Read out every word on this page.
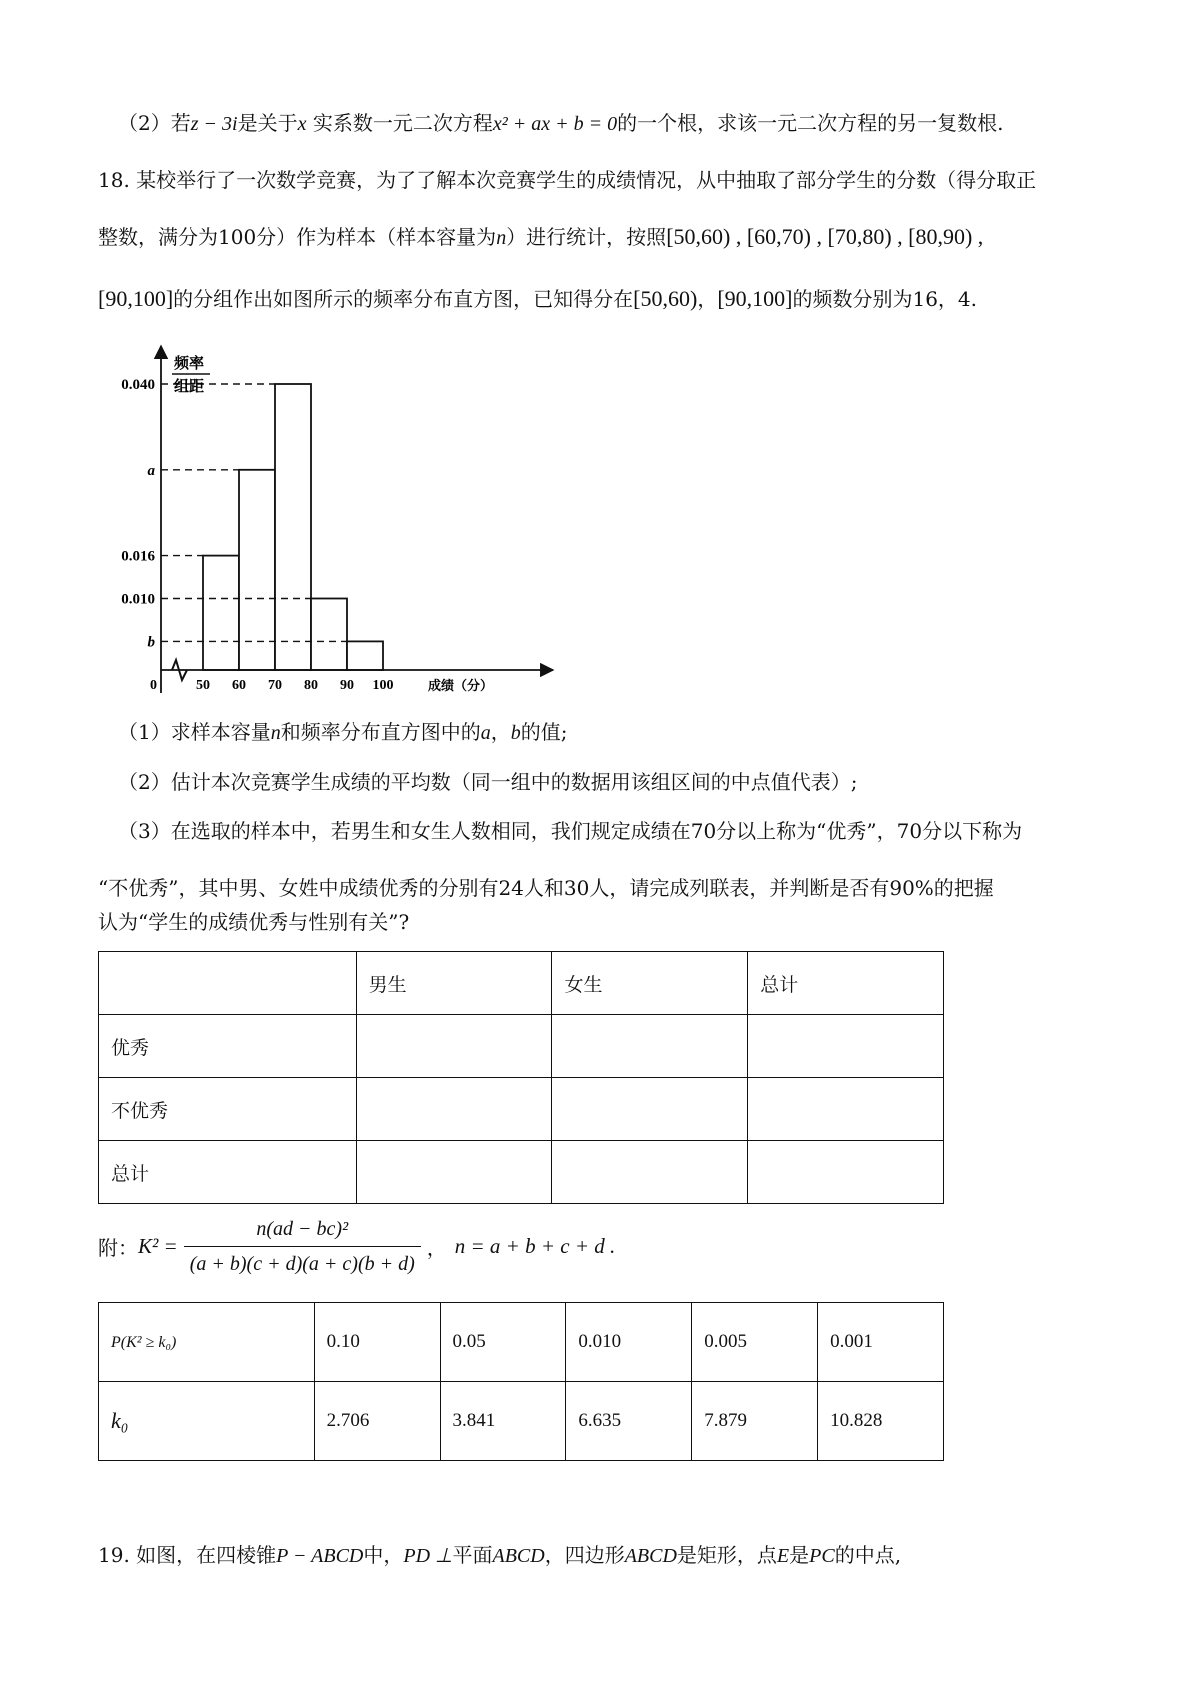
（2）若z − 3i是关于x 实系数一元二次方程x² + ax + b = 0的一个根，求该一元二次方程的另一复数根.
18. 某校举行了一次数学竞赛，为了了解本次竞赛学生的成绩情况，从中抽取了部分学生的分数（得分取正
整数，满分为100分）作为样本（样本容量为n）进行统计，按照[50,60) , [60,70) , [70,80) , [80,90) ,
[90,100]的分组作出如图所示的频率分布直方图，已知得分在[50,60)，[90,100]的频数分别为16，4.
频率
组距
0	50 60 70 80 90 100
0.040
a
0.016
0.010
b
成绩（分）
（1）求样本容量n和频率分布直方图中的a，b的值;
（2）估计本次竞赛学生成绩的平均数（同一组中的数据用该组区间的中点值代表）;
（3）在选取的样本中，若男生和女生人数相同，我们规定成绩在70分以上称为“优秀”，70分以下称为
“不优秀”，其中男、女姓中成绩优秀的分别有24人和30人，请完成列联表，并判断是否有90%的把握
认为“学生的成绩优秀与性别有关”?
	男生	女生	总计
优秀			
不优秀			
总计			
附：$K^2 = \frac{\text{n(ad − bc)²}}{(a + b)(c + d)(a + c)(b + d)}$ ， n = a + b + c + d .
P(K² ≥ k₀)	0.10	0.05	0.010	0.005	0.001
k₀	2.706	3.841	6.635	7.879	10.828
19. 如图，在四棱锥P − ABCD中，PD ⊥平面ABCD，四边形ABCD是矩形，点E是PC的中点,
